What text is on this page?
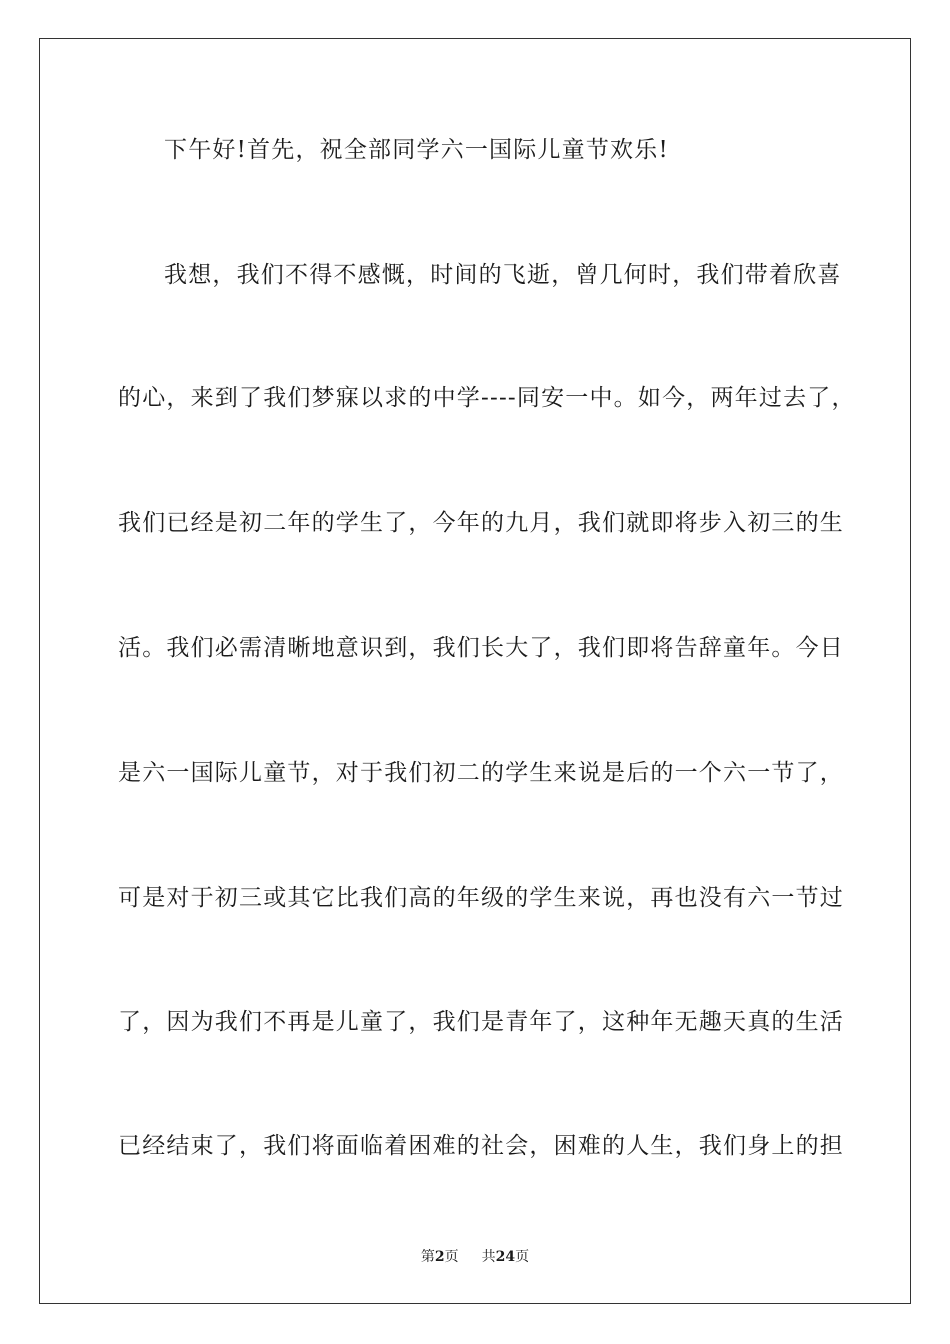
下午好!首先，祝全部同学六一国际儿童节欢乐!
我想，我们不得不感慨，时间的飞逝，曾几何时，我们带着欣喜
的心，来到了我们梦寐以求的中学----同安一中。如今，两年过去了，
我们已经是初二年的学生了，今年的九月，我们就即将步入初三的生
活。我们必需清晰地意识到，我们长大了，我们即将告辞童年。今日
是六一国际儿童节，对于我们初二的学生来说是后的一个六一节了，
可是对于初三或其它比我们高的年级的学生来说，再也没有六一节过
了，因为我们不再是儿童了，我们是青年了，这种年无趣天真的生活
已经结束了，我们将面临着困难的社会，困难的人生，我们身上的担
第2页 共24页
